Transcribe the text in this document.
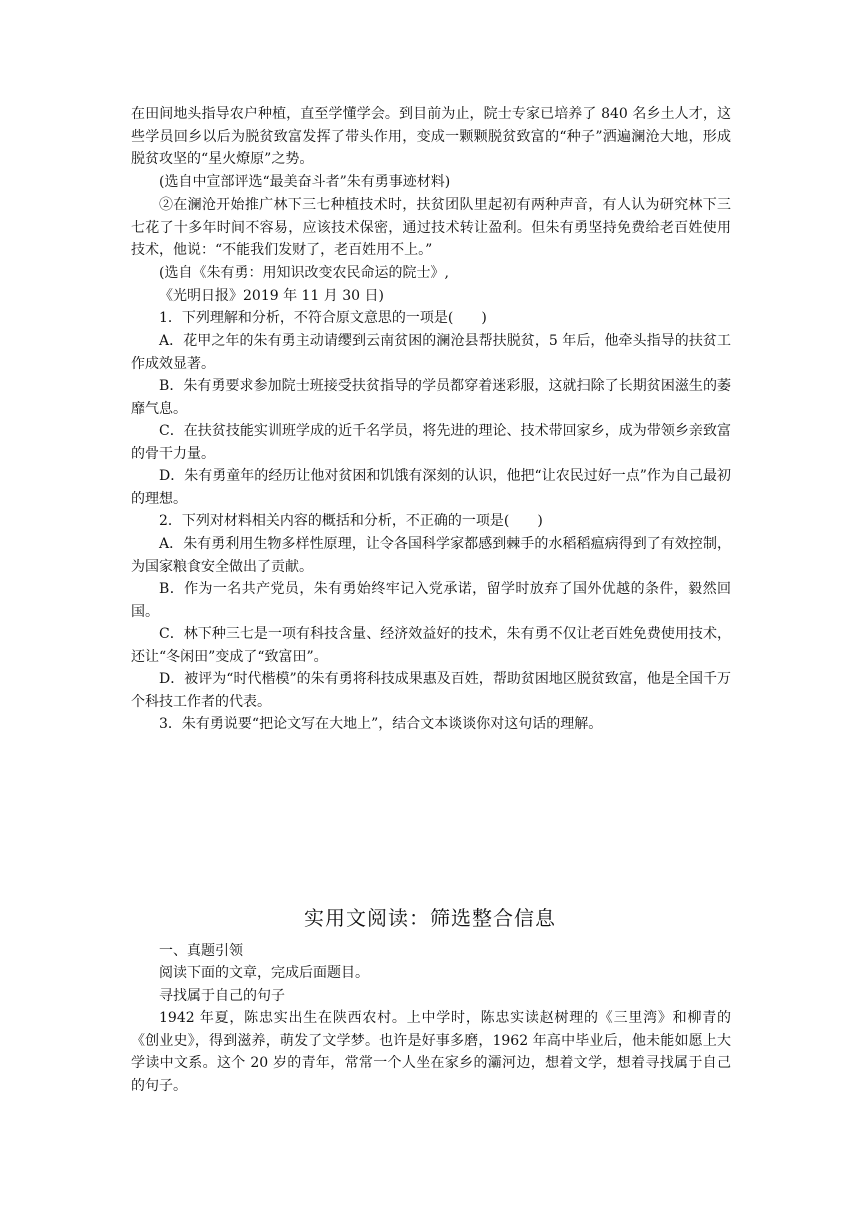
在田间地头指导农户种植，直至学懂学会。到目前为止，院士专家已培养了 840 名乡土人才，这些学员回乡以后为脱贫致富发挥了带头作用，变成一颗颗脱贫致富的“种子”洒遍澜沧大地，形成脱贫攻坚的“星火燎原”之势。

(选自中宣部评选“最美奋斗者”朱有勇事迹材料)

②在澜沧开始推广林下三七种植技术时，扶贫团队里起初有两种声音，有人认为研究林下三七花了十多年时间不容易，应该技术保密，通过技术转让盈利。但朱有勇坚持免费给老百姓使用技术，他说：“不能我们发财了，老百姓用不上。”

(选自《朱有勇：用知识改变农民命运的院士》,

《光明日报》2019 年 11 月 30 日)

1．下列理解和分析，不符合原文意思的一项是(　　)

A．花甲之年的朱有勇主动请缨到云南贫困的澜沧县帮扶脱贫，5 年后，他牵头指导的扶贫工作成效显著。

B．朱有勇要求参加院士班接受扶贫指导的学员都穿着迷彩服，这就扫除了长期贫困滋生的萎靡气息。

C．在扶贫技能实训班学成的近千名学员，将先进的理论、技术带回家乡，成为带领乡亲致富的骨干力量。

D．朱有勇童年的经历让他对贫困和饥饿有深刻的认识，他把“让农民过好一点”作为自己最初的理想。

2．下列对材料相关内容的概括和分析，不正确的一项是(　　)

A．朱有勇利用生物多样性原理，让令各国科学家都感到棘手的水稻稻瘟病得到了有效控制，为国家粮食安全做出了贡献。

B．作为一名共产党员，朱有勇始终牢记入党承诺，留学时放弃了国外优越的条件，毅然回国。

C．林下种三七是一项有科技含量、经济效益好的技术，朱有勇不仅让老百姓免费使用技术，还让“冬闲田”变成了“致富田”。

D．被评为“时代楷模”的朱有勇将科技成果惠及百姓，帮助贫困地区脱贫致富，他是全国千万个科技工作者的代表。

3．朱有勇说要“把论文写在大地上”，结合文本谈谈你对这句话的理解。

实用文阅读：筛选整合信息

一、真题引领

阅读下面的文章，完成后面题目。

寻找属于自己的句子

1942 年夏，陈忠实出生在陕西农村。上中学时，陈忠实读赵树理的《三里湾》和柳青的《创业史》，得到滋养，萌发了文学梦。也许是好事多磨，1962 年高中毕业后，他未能如愿上大学读中文系。这个 20 岁的青年，常常一个人坐在家乡的灞河边，想着文学，想着寻找属于自己的句子。
